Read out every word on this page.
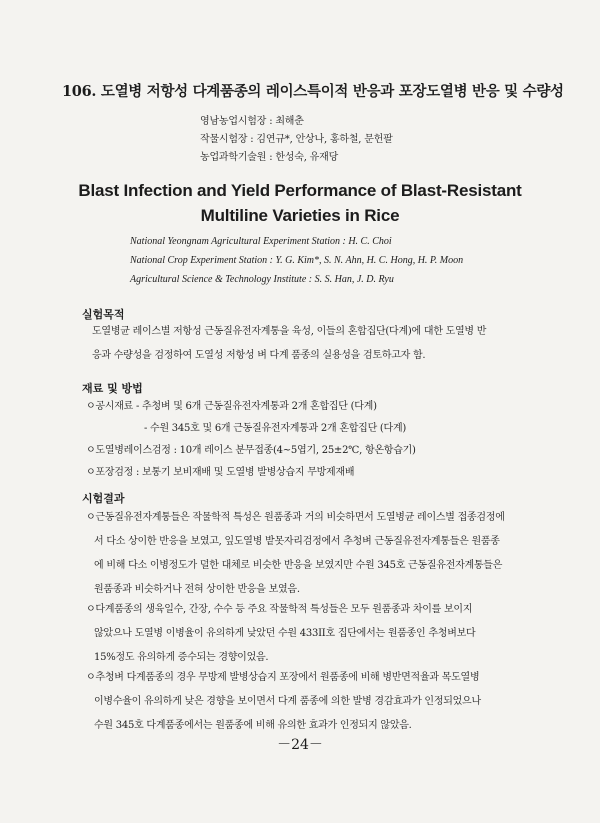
106. 도열병 저항성 다계품종의 레이스특이적 반응과 포장도열병 반응 및 수량성
영남농업시험장 : 최해춘
작물시험장 : 김연규*, 안상나, 홍하철, 문헌팔
농업과학기술원 : 한성숙, 유재당
Blast Infection and Yield Performance of Blast-Resistant
Multiline Varieties in Rice
National Yeongnam Agricultural Experiment Station : H. C. Choi
National Crop Experiment Station : Y. G. Kim*, S. N. Ahn, H. C. Hong, H. P. Moon
Agricultural Science & Technology Institute : S. S. Han, J. D. Ryu
실험목적
도열병균 레이스별 저항성 근동질유전자계통을 육성, 이들의 혼합집단(다계)에 대한 도열병 반
응과 수량성을 검정하여 도열성 저항성 벼 다계 품종의 실용성을 검토하고자 함.
재료 및 방법
ㅇ공시재료 - 추청벼 및 6개 근동질유전자계통과 2개 혼합집단 (다계)
- 수원 345호 및 6개 근동질유전자계통과 2개 혼합집단 (다계)
ㅇ도열병레이스검정 : 10개 레이스 분무접종(4~5엽기, 25±2℃, 항온항습기)
ㅇ포장검정 : 보통기 보비재배 및 도열병 발병상습지 무방제재배
시험결과
ㅇ근동질유전자계통들은 작물학적 특성은 원품종과 거의 비슷하면서 도열병균 레이스별 접종검정에
서 다소 상이한 반응을 보였고, 잎도열병 밭못자리검정에서 추청벼 근동질유전자계통들은 원품종
에 비해 다소 이병정도가 덜한 대체로 비슷한 반응을 보였지만 수원 345호 근동질유전자계통들은
원품종과 비슷하거나 전혀 상이한 반응을 보였음.
ㅇ다계품종의 생육일수, 간장, 수수 등 주요 작물학적 특성들은 모두 원품종과 차이를 보이지
않았으나 도열병 이병율이 유의하게 낮았던 수원 433II호 집단에서는 원품종인 추청벼보다
15%정도 유의하게 증수되는 경향이었음.
ㅇ추청벼 다계품종의 경우 무방제 발병상습지 포장에서 원품종에 비해 병반면적율과 목도열병
이병수율이 유의하게 낮은 경향을 보이면서 다계 품종에 의한 발병 경감효과가 인정되었으나
수원 345호 다계품종에서는 원품종에 비해 유의한 효과가 인정되지 않았음.
－24－
